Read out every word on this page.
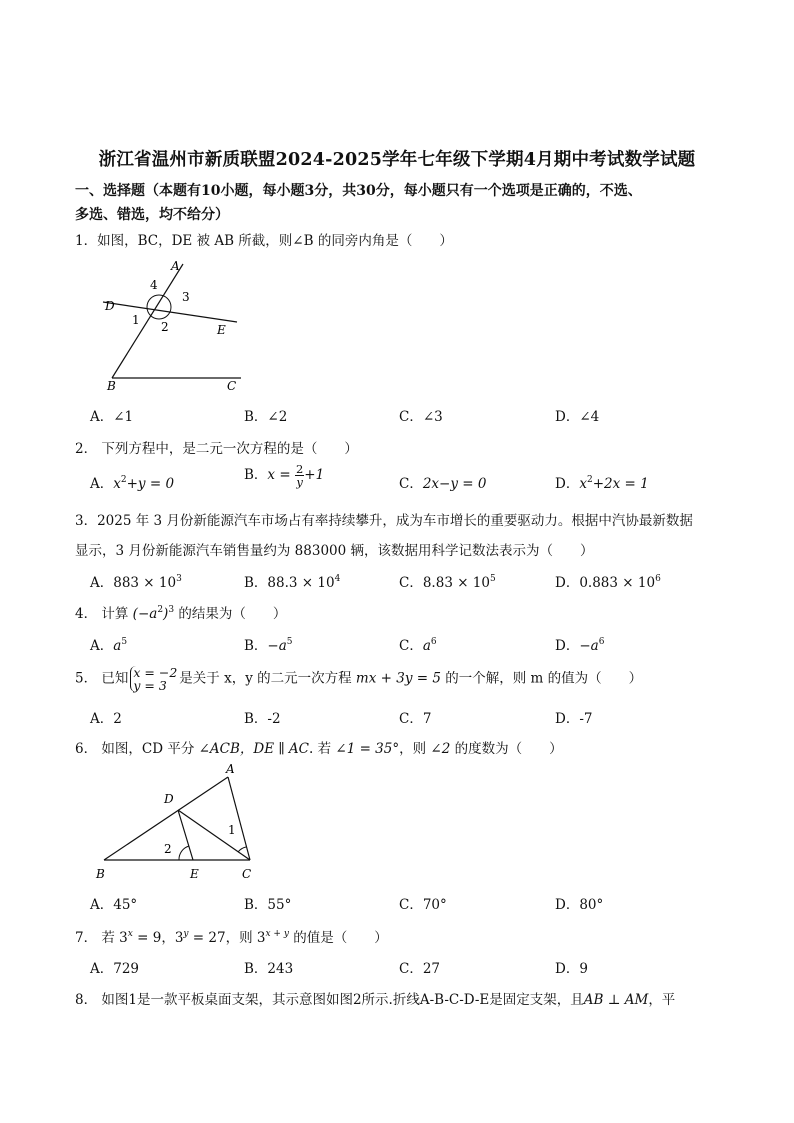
浙江省温州市新质联盟2024-2025学年七年级下学期4月期中考试数学试题
一、选择题（本题有10小题，每小题3分，共30分，每小题只有一个选项是正确的，不选、
多选、错选，均不给分）
1．如图，BC，DE 被 AB 所截，则∠B 的同旁内角是（　　）
A
D
E
B	C
4
3
1 2
A．∠1	B．∠2	C．∠3	D．∠4
2． 下列方程中，是二元一次方程的是（　　）
A．$x^2+y = 0$
B．$x = \frac{2}{y} +1$
C．2x−y = 0	D．$x^2+2x = 1$
3．2025 年 3 月份新能源汽车市场占有率持续攀升，成为车市增长的重要驱动力。根据中汽协最新数据
显示，3 月份新能源汽车销售量约为 883000 辆，该数据用科学记数法表示为（　　）
A．$883 \times 10^3$	B．$88.3 \times 10^4$	C．$8.83 \times 10^5$	D．$0.883 \times 10^6$
4． 计算 $(-a^2)^3$ 的结果为（　　）
A．$a^5$	B．$-a^5$	C．$a^6$	D．$-a^6$
5． 已知 x = −2
y = 3 是关于 x，y 的二元一次方程 mx + 3y = 5 的一个解，则 m 的值为（　　）
A．2	B．-2	C．7	D．-7
6． 如图，CD 平分 ∠ACB，DE ∥ AC. 若 ∠1 = 35°，则 ∠2 的度数为（　　）
A
D
B	E	C
1
2
A．45°	B．55°	C．70°	D．80°
7． 若 $3^x = 9$，$3^y = 27$，则 $3^{x + y}$ 的值是（　　）
A．729	B．243	C．27	D．9
8． 如图1是一款平板桌面支架，其示意图如图2所示.折线A-B-C-D-E是固定支架，且AB ⊥ AM，平
